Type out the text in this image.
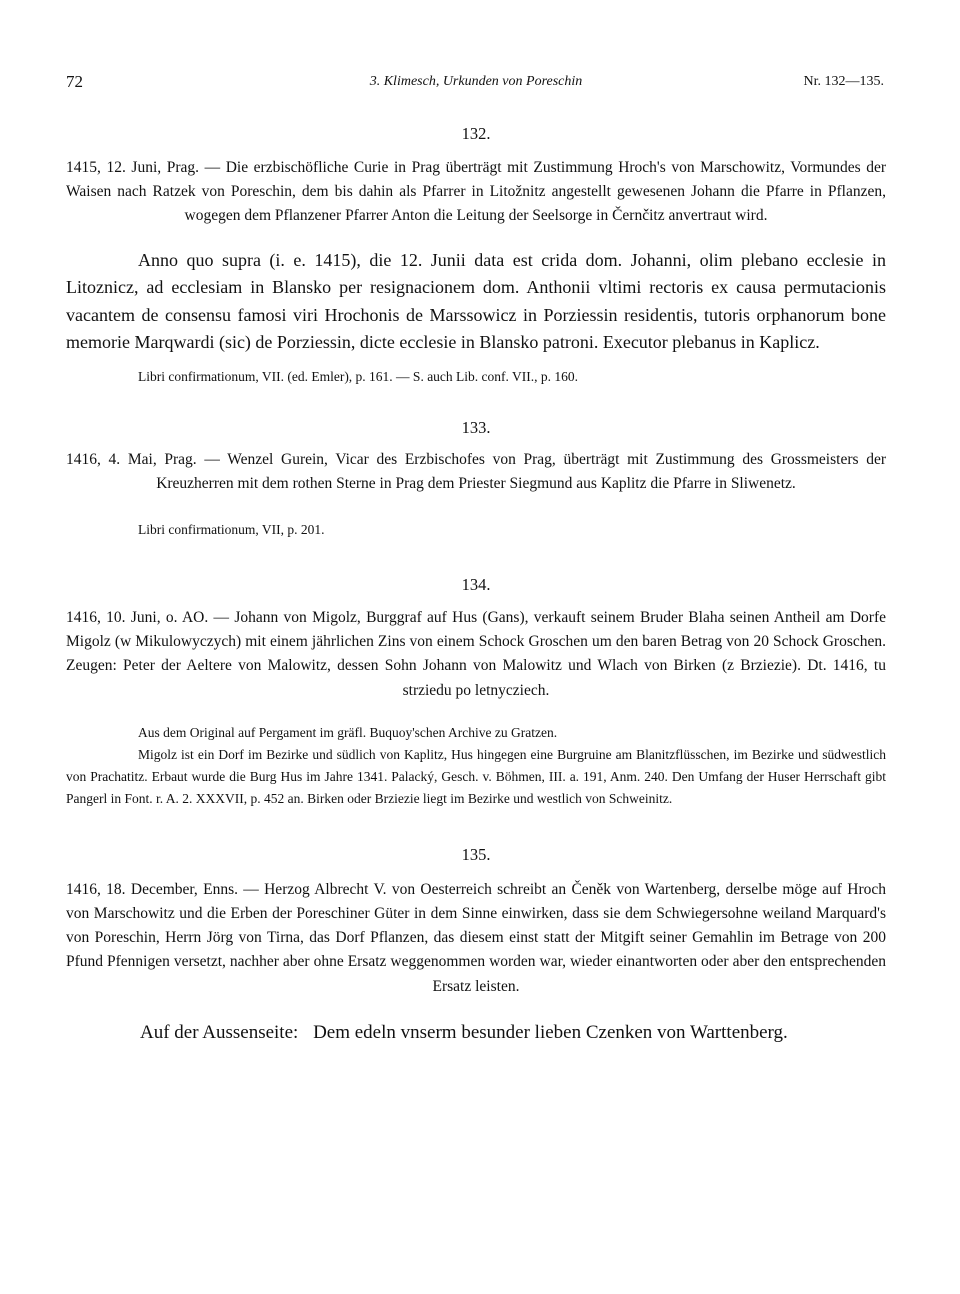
72	3. Klimesch, Urkunden von Poreschin	Nr. 132—135.
132.

1415, 12. Juni, Prag. — Die erzbischöfliche Curie in Prag überträgt mit Zustimmung Hroch's von Marschowitz, Vormundes der Waisen nach Ratzek von Poreschin, dem bis dahin als Pfarrer in Litožnitz angestellt gewesenen Johann die Pfarre in Pflanzen, wogegen dem Pflanzener Pfarrer Anton die Leitung der Seelsorge in Černčitz anvertraut wird.

Anno quo supra (i. e. 1415), die 12. Junii data est crida dom. Johanni, olim plebano ecclesie in Litoznicz, ad ecclesiam in Blansko per resignacionem dom. Anthonii vltimi rectoris ex causa permutacionis vacantem de consensu famosi viri Hrochonis de Marssowicz in Porziessin residentis, tutoris orphanorum bone memorie Marqwardi (sic) de Porziessin, dicte ecclesie in Blansko patroni. Executor plebanus in Kaplicz.

Libri confirmationum, VII. (ed. Emler), p. 161. — S. auch Lib. conf. VII., p. 160.

133.

1416, 4. Mai, Prag. — Wenzel Gurein, Vicar des Erzbischofes von Prag, überträgt mit Zustimmung des Grossmeisters der Kreuzherren mit dem rothen Sterne in Prag dem Priester Siegmund aus Kaplitz die Pfarre in Sliwenetz.

Libri confirmationum, VII, p. 201.

134.

1416, 10. Juni, o. AO. — Johann von Migolz, Burggraf auf Hus (Gans), verkauft seinem Bruder Blaha seinen Antheil am Dorfe Migolz (w Mikulowyczych) mit einem jährlichen Zins von einem Schock Groschen um den baren Betrag von 20 Schock Groschen. Zeugen: Peter der Aeltere von Malowitz, dessen Sohn Johann von Malowitz und Wlach von Birken (z Brziezie). Dt. 1416, tu strziedu po letnycziech.

Aus dem Original auf Pergament im gräfl. Buquoy'schen Archive zu Gratzen.

Migolz ist ein Dorf im Bezirke und südlich von Kaplitz, Hus hingegen eine Burgruine am Blanitzflüsschen, im Bezirke und südwestlich von Prachatitz. Erbaut wurde die Burg Hus im Jahre 1341. Palacký, Gesch. v. Böhmen, III. a. 191, Anm. 240. Den Umfang der Huser Herrschaft gibt Pangerl in Font. r. A. 2. XXXVII, p. 452 an. Birken oder Brziezie liegt im Bezirke und westlich von Schweinitz.

135.

1416, 18. December, Enns. — Herzog Albrecht V. von Oesterreich schreibt an Čeněk von Wartenberg, derselbe möge auf Hroch von Marschowitz und die Erben der Poreschiner Güter in dem Sinne einwirken, dass sie dem Schwiegersohne weiland Marquard's von Poreschin, Herrn Jörg von Tirna, das Dorf Pflanzen, das diesem einst statt der Mitgift seiner Gemahlin im Betrage von 200 Pfund Pfennigen versetzt, nachher aber ohne Ersatz weggenommen worden war, wieder einantworten oder aber den entsprechenden Ersatz leisten.

Auf der Aussenseite: Dem edeln vnserm besunder lieben Czenken von Warttenberg.
